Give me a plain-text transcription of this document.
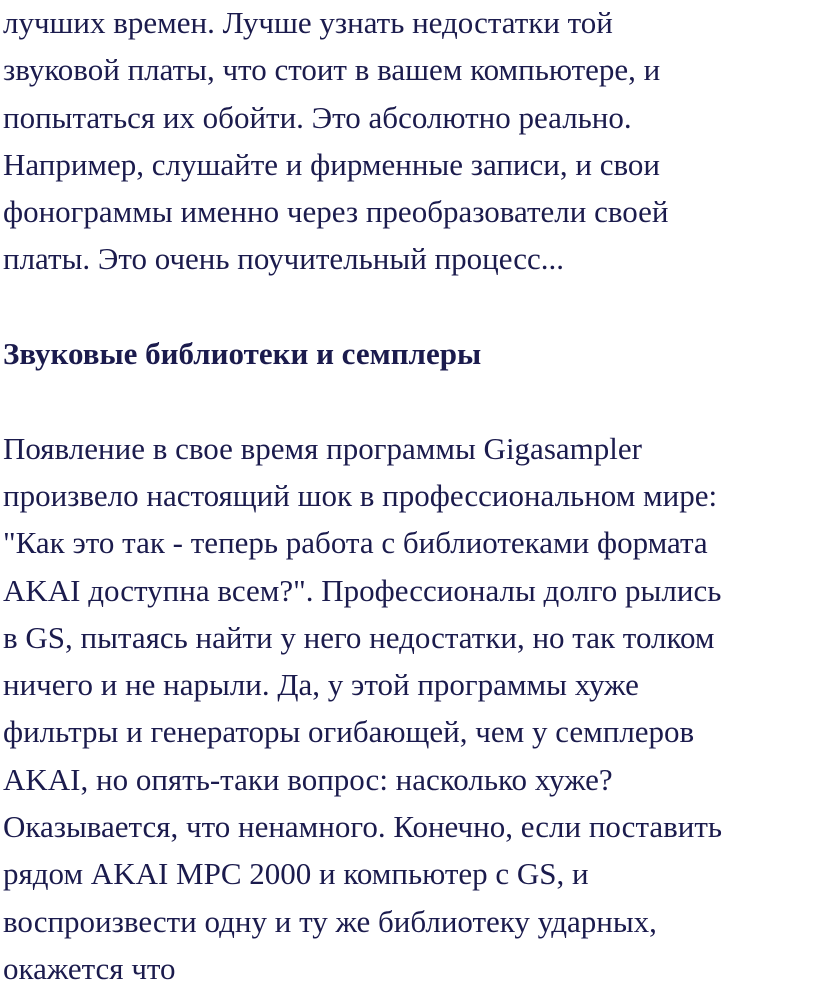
лучших времен. Лучше узнать недостатки той
звуковой платы, что стоит в вашем компьютере, и
попытаться их обойти. Это абсолютно реально.
Например, слушайте и фирменные записи, и свои
фонограммы именно через преобразователи своей
платы. Это очень поучительный процесс...
Звуковые библиотеки и семплеры
Появление в свое время программы Gigasampler
произвело настоящий шок в профессиональном мире:
"Как это так - теперь работа с библиотеками формата
AKAI доступна всем?". Профессионалы долго рылись
в GS, пытаясь найти у него недостатки, но так толком
ничего и не нарыли. Да, у этой программы хуже
фильтры и генераторы огибающей, чем у семплеров
AKAI, но опять-таки вопрос: насколько хуже?
Оказывается, что ненамного. Конечно, если поставить
рядом AKAI MPC 2000 и компьютер с GS, и
воспроизвести одну и ту же библиотеку ударных,
окажется что
